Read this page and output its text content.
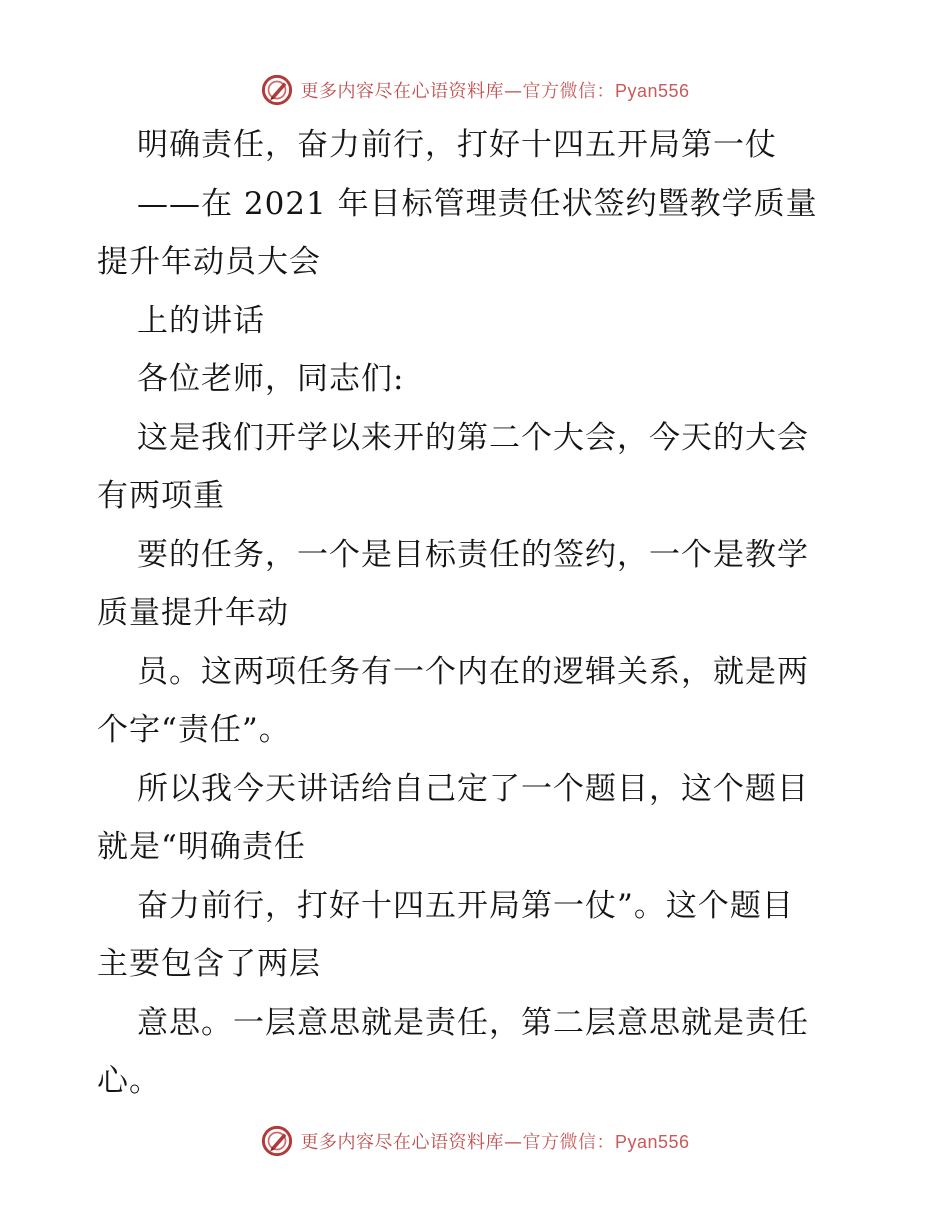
更多内容尽在心语资料库—官方微信：Pyan556

明确责任，奋力前行，打好十四五开局第一仗

——在 2021 年目标管理责任状签约暨教学质量

提升年动员大会

上的讲话

各位老师，同志们:

这是我们开学以来开的第二个大会，今天的大会

有两项重

要的任务，一个是目标责任的签约，一个是教学

质量提升年动

员。这两项任务有一个内在的逻辑关系，就是两

个字“责任”。

所以我今天讲话给自己定了一个题目，这个题目

就是“明确责任

奋力前行，打好十四五开局第一仗”。这个题目

主要包含了两层

意思。一层意思就是责任，第二层意思就是责任

心。

更多内容尽在心语资料库—官方微信：Pyan556
